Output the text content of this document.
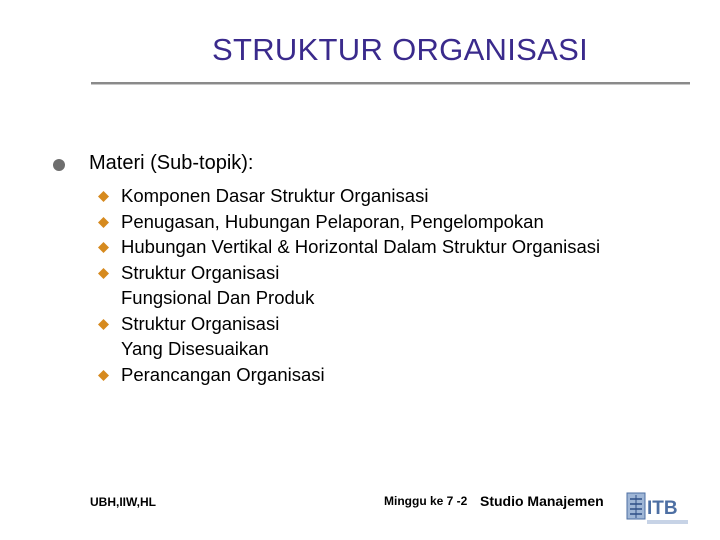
STRUKTUR ORGANISASI
Materi (Sub-topik):
Komponen Dasar Struktur Organisasi
Penugasan, Hubungan Pelaporan, Pengelompokan
Hubungan Vertikal & Horizontal Dalam Struktur Organisasi
Struktur Organisasi
Fungsional Dan Produk
Struktur Organisasi
Yang Disesuaikan
Perancangan Organisasi
UBH,IIW,HL	Minggu ke 7 -2 Studio Manajemen ITB
